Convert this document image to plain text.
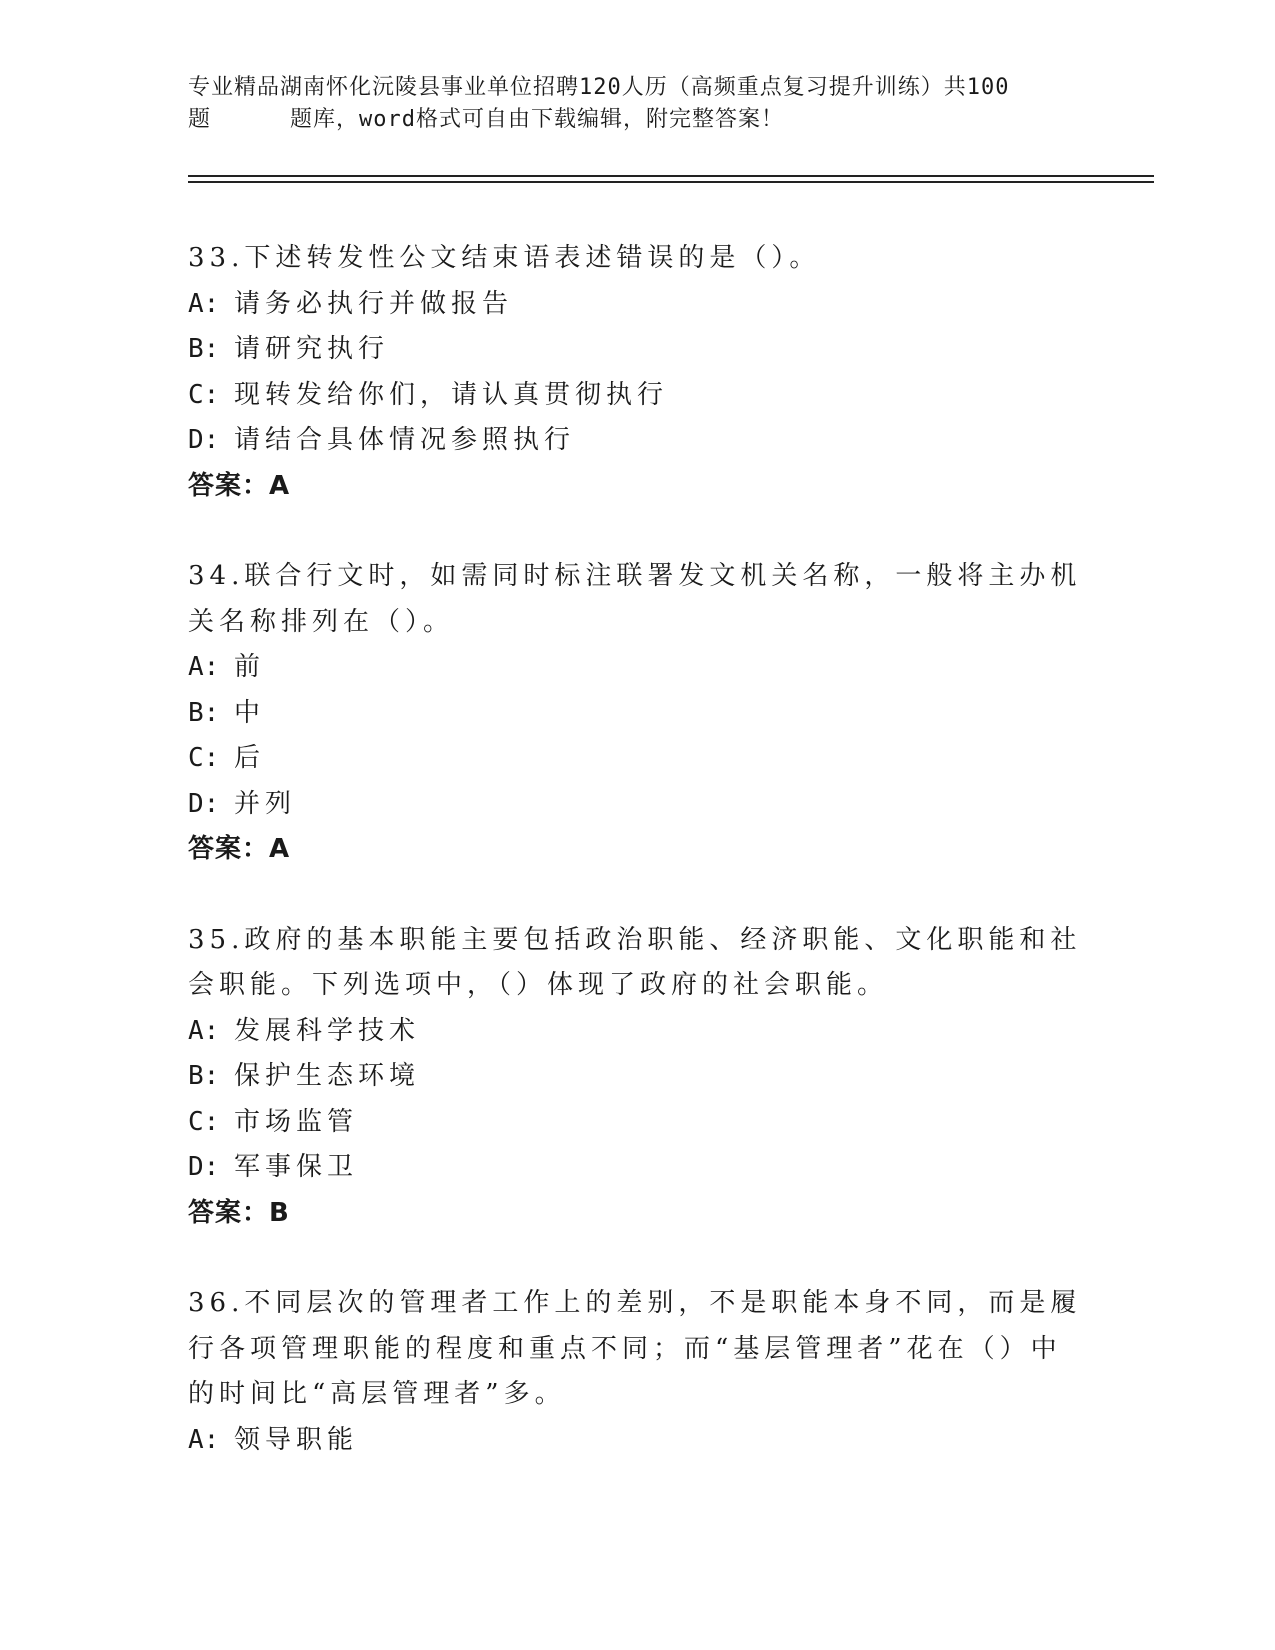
专业精品湖南怀化沅陵县事业单位招聘120人历（高频重点复习提升训练）共100
题	题库，word格式可自由下载编辑，附完整答案！

33.下述转发性公文结束语表述错误的是（）。

A: 请务必执行并做报告
B: 请研究执行
C: 现转发给你们，请认真贯彻执行
D: 请结合具体情况参照执行
答案：A

34.联合行文时，如需同时标注联署发文机关名称，一般将主办机关名称排列在（）。

A: 前
B: 中
C: 后
D: 并列
答案：A

35.政府的基本职能主要包括政治职能、经济职能、文化职能和社会职能。下列选项中，（）体现了政府的社会职能。

A: 发展科学技术
B: 保护生态环境
C: 市场监管
D: 军事保卫
答案：B

36.不同层次的管理者工作上的差别，不是职能本身不同，而是履行各项管理职能的程度和重点不同；而“基层管理者”花在（）中的时间比“高层管理者”多。

A: 领导职能
